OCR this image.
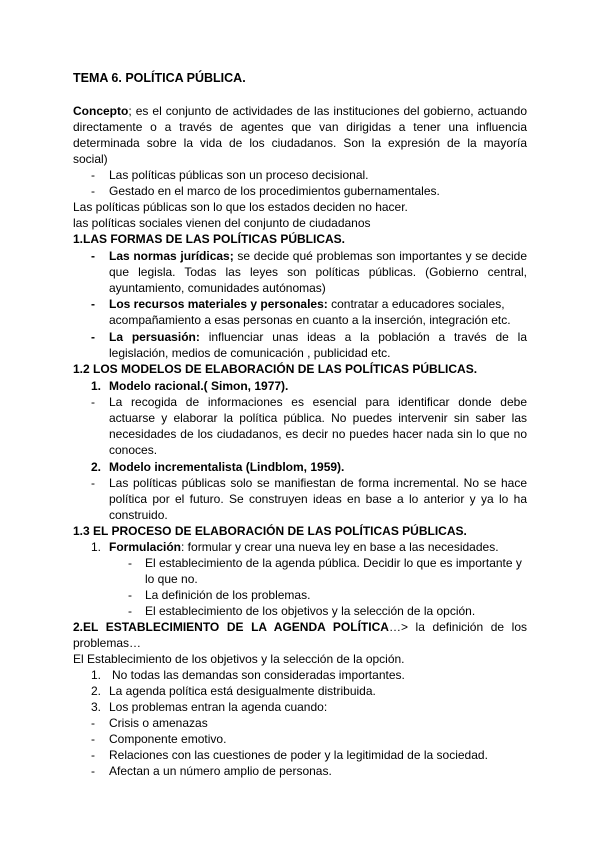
TEMA 6. POLÍTICA PÚBLICA.
Concepto; es el conjunto de actividades de las instituciones del gobierno, actuando
directamente o a través de agentes que van dirigidas a tener una influencia
determinada sobre la vida de los ciudadanos. Son la expresión de la mayoría
social)
- Las políticas públicas son un proceso decisional.
- Gestado en el marco de los procedimientos gubernamentales.
Las políticas públicas son lo que los estados deciden no hacer.
las políticas sociales vienen del conjunto de ciudadanos
1.LAS FORMAS DE LAS POLÍTICAS PÚBLICAS.
- Las normas jurídicas; se decide qué problemas son importantes y se decide
que legisla. Todas las leyes son políticas públicas. (Gobierno central,
ayuntamiento, comunidades autónomas)
- Los recursos materiales y personales: contratar a educadores sociales,
acompañamiento a esas personas en cuanto a la inserción, integración etc.
- La persuasión: influenciar unas ideas a la población a través de la
legislación, medios de comunicación , publicidad etc.
1.2 LOS MODELOS DE ELABORACIÓN DE LAS POLÍTICAS PÚBLICAS.
1. Modelo racional.( Simon, 1977).
- La recogida de informaciones es esencial para identificar donde debe
actuarse y elaborar la política pública. No puedes intervenir sin saber las
necesidades de los ciudadanos, es decir no puedes hacer nada sin lo que no
conoces.
2. Modelo incrementalista (Lindblom, 1959).
- Las políticas públicas solo se manifiestan de forma incremental. No se hace
política por el futuro. Se construyen ideas en base a lo anterior y ya lo ha
construido.
1.3 EL PROCESO DE ELABORACIÓN DE LAS POLÍTICAS PÚBLICAS.
1. Formulación: formular y crear una nueva ley en base a las necesidades.
- El establecimiento de la agenda pública. Decidir lo que es importante y
lo que no.
- La definición de los problemas.
- El establecimiento de los objetivos y la selección de la opción.
2.EL ESTABLECIMIENTO DE LA AGENDA POLÍTICA…> la definición de los
problemas…
El Establecimiento de los objetivos y la selección de la opción.
1. No todas las demandas son consideradas importantes.
2. La agenda política está desigualmente distribuida.
3. Los problemas entran la agenda cuando:
- Crisis o amenazas
- Componente emotivo.
- Relaciones con las cuestiones de poder y la legitimidad de la sociedad.
- Afectan a un número amplio de personas.
